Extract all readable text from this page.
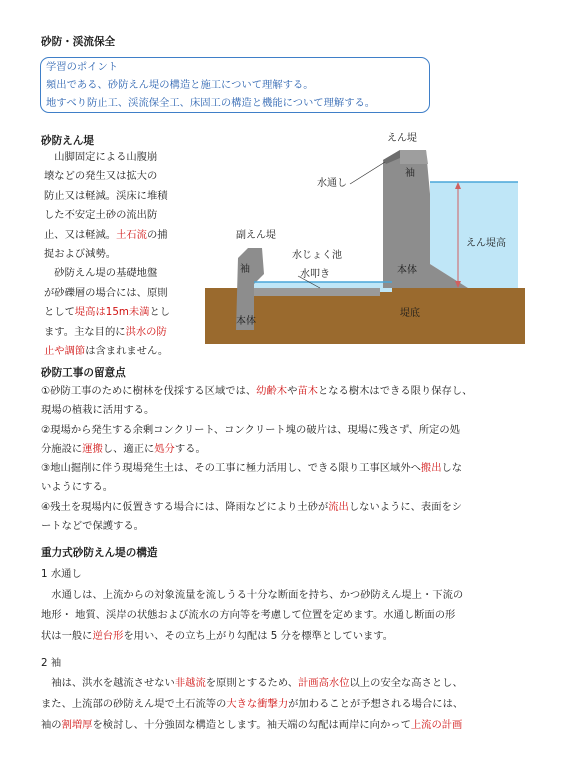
砂防・渓流保全
学習のポイント
頻出である、砂防えん堤の構造と施工について理解する。
地すべり防止工、渓流保全工、床固工の構造と機能について理解する。
砂防えん堤
　山脚固定による山腹崩
壊などの発生又は拡大の
防止又は軽減。渓床に堆積
した不安定土砂の流出防
止、又は軽減。土石流の捕
捉および減勢。
　砂防えん堤の基礎地盤
が砂礫層の場合には、原則
として堤高は15m未満とし
ます。主な目的に洪水の防
止や調節は含まれません。
えん堤
袖
水通し
副えん堤
袖
水じょく池
水叩き	本体
本体
堤底
えん堤高
砂防工事の留意点
①砂防工事のために樹林を伐採する区域では、幼齢木や苗木となる樹木はできる限り保存し、
現場の植栽に活用する。
②現場から発生する余剰コンクリート、コンクリート塊の破片は、現場に残さず、所定の処
分施設に運搬し、適正に処分する。
③地山掘削に伴う現場発生土は、その工事に極力活用し、できる限り工事区域外へ搬出しな
いようにする。
④残土を現場内に仮置きする場合には、降雨などにより土砂が流出しないように、表面をシ
ートなどで保護する。
重力式砂防えん堤の構造
1 水通し
　水通しは、上流からの対象流量を流しうる十分な断面を持ち、かつ砂防えん堤上・下流の
地形・ 地質、渓岸の状態および流水の方向等を考慮して位置を定めます。水通し断面の形
状は一般に逆台形を用い、その立ち上がり勾配は 5 分を標準としています。
2 袖
　袖は、洪水を越流させない非越流を原則とするため、計画高水位以上の安全な高さとし、
また、上流部の砂防えん堤で土石流等の大きな衝撃力が加わることが予想される場合には、
袖の割増厚を検討し、十分強固な構造とします。袖天端の勾配は両岸に向かって上流の計画
